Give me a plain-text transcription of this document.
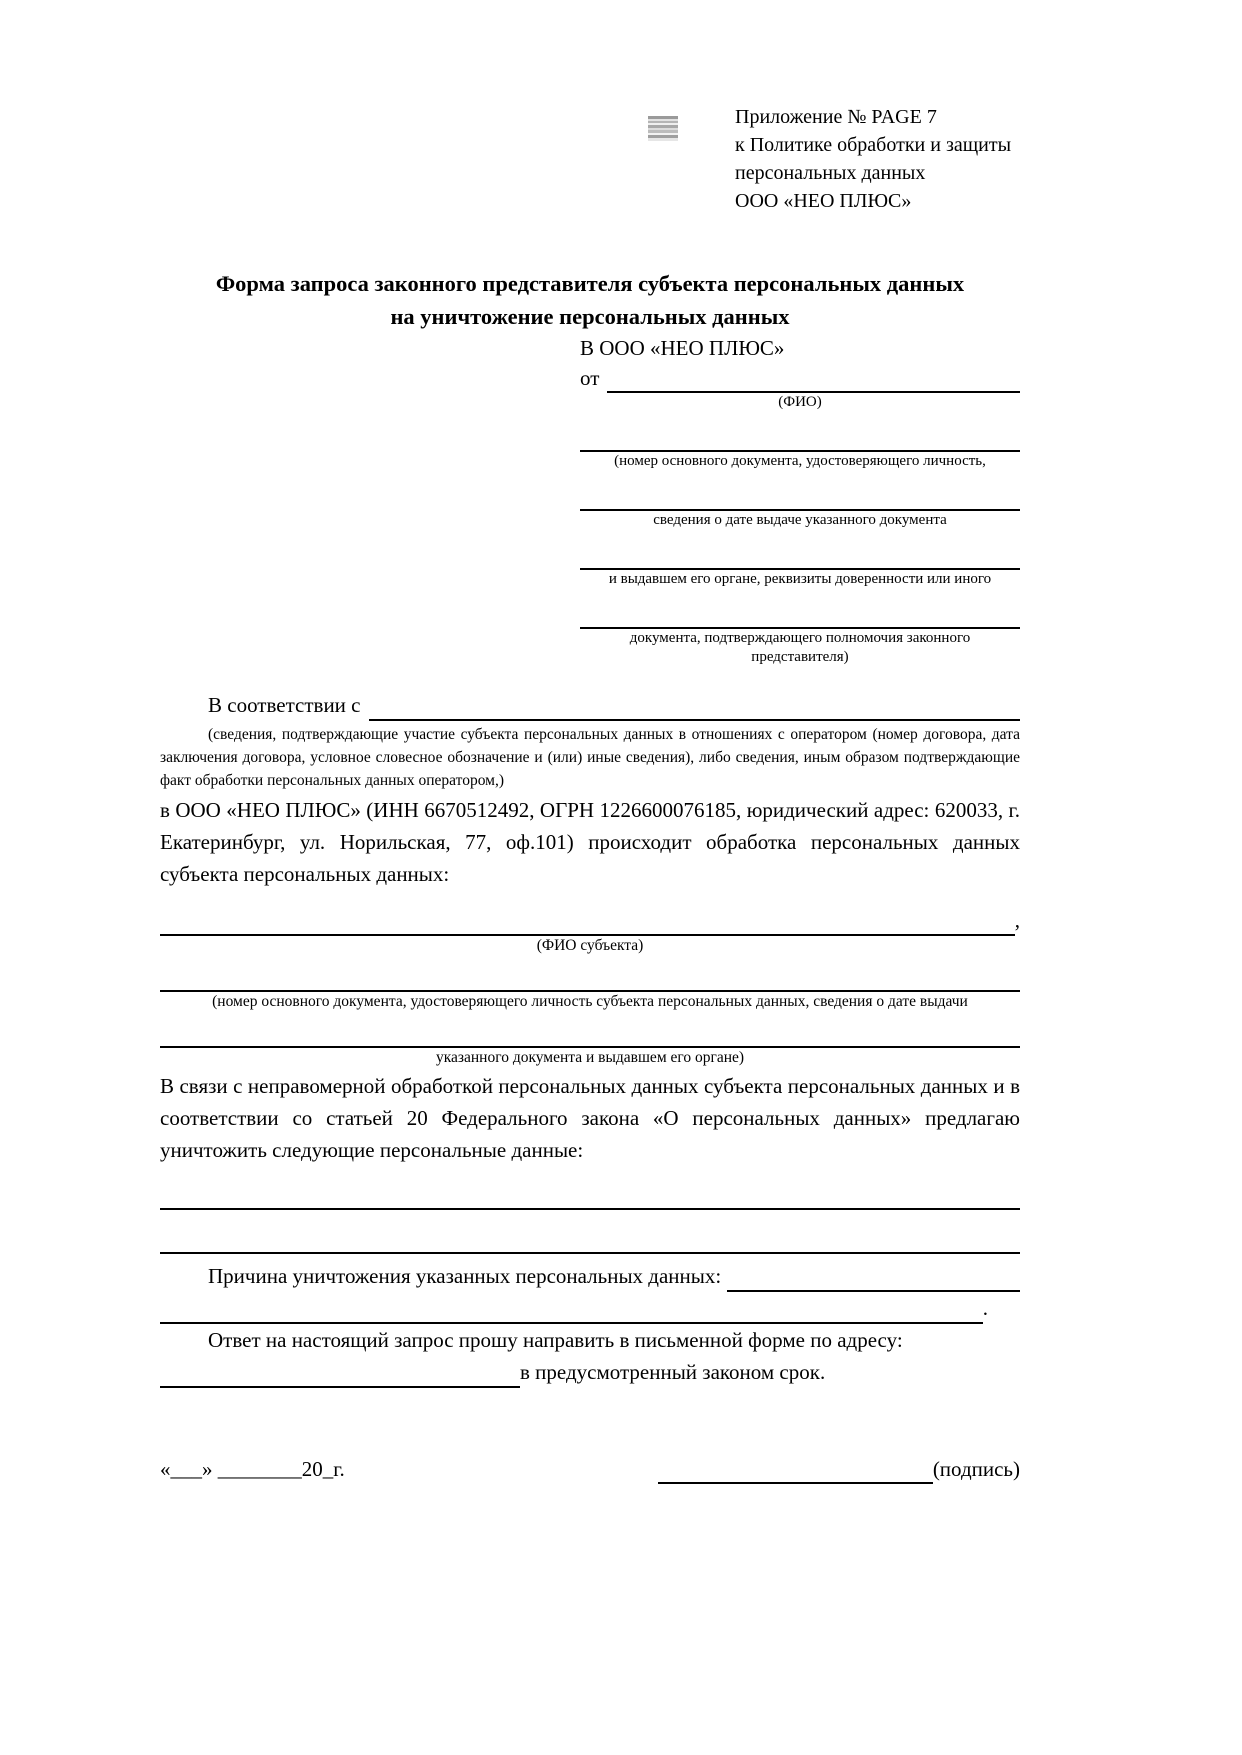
Приложение № PAGE 7
к Политике обработки и защиты
персональных данных
ООО «НЕО ПЛЮС»
Форма запроса законного представителя субъекта персональных данных
на уничтожение персональных данных
В ООО «НЕО ПЛЮС»
от
(ФИО)
(номер основного документа, удостоверяющего личность,
сведения о дате выдаче указанного документа
и выдавшем его органе, реквизиты доверенности или иного
документа, подтверждающего полномочия законного представителя)
В соответствии с
(сведения, подтверждающие участие субъекта персональных данных в отношениях с оператором (номер договора, дата заключения договора, условное словесное обозначение и (или) иные сведения), либо сведения, иным образом подтверждающие факт обработки персональных данных оператором,)
в ООО «НЕО ПЛЮС» (ИНН 6670512492, ОГРН 1226600076185, юридический адрес: 620033, г. Екатеринбург, ул. Норильская, 77, оф.101) происходит обработка персональных данных субъекта персональных данных:
,
(ФИО субъекта)
(номер основного документа, удостоверяющего личность субъекта персональных данных, сведения о дате выдачи
указанного документа и выдавшем его органе)
В связи с неправомерной обработкой персональных данных субъекта персональных данных и в соответствии со статьей 20 Федерального закона «О персональных данных» предлагаю уничтожить следующие персональные данные:
Причина уничтожения указанных персональных данных:
.
Ответ на настоящий запрос прошу направить в письменной форме по адресу:
в предусмотренный законом срок.
«___» ________20_г.	(подпись)
